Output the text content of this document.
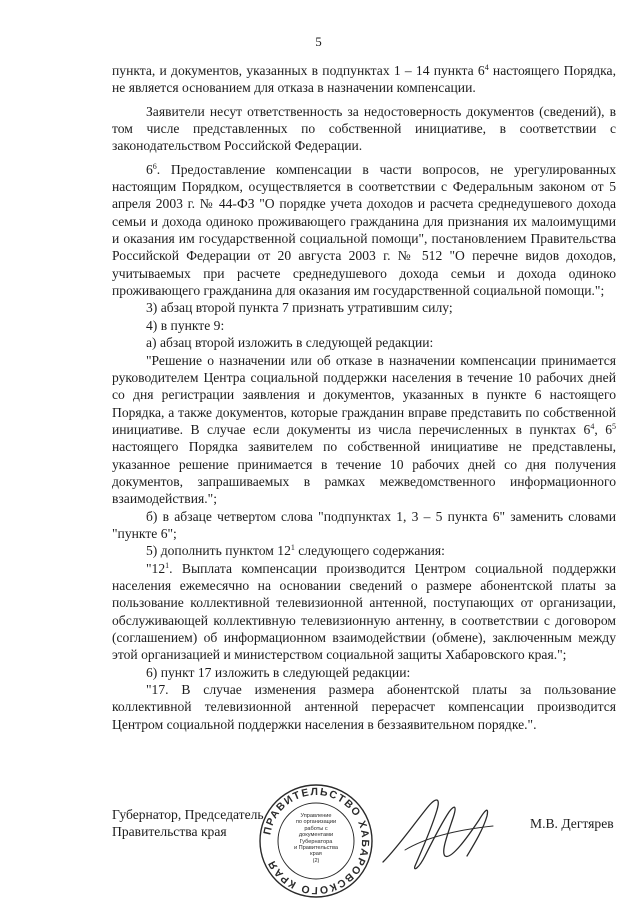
5

пункта, и документов, указанных в подпунктах 1 – 14 пункта $6^4$ настоящего Порядка, не является основанием для отказа в назначении компенсации.

Заявители несут ответственность за недостоверность документов (сведений), в том числе представленных по собственной инициативе, в соответствии с законодательством Российской Федерации.

$6^6$. Предоставление компенсации в части вопросов, не урегулированных настоящим Порядком, осуществляется в соответствии с Федеральным законом от 5 апреля 2003 г. № 44-ФЗ "О порядке учета доходов и расчета среднедушевого дохода семьи и дохода одиноко проживающего гражданина для признания их малоимущими и оказания им государственной социальной помощи", постановлением Правительства Российской Федерации от 20 августа 2003 г. № 512 "О перечне видов доходов, учитываемых при расчете среднедушевого дохода семьи и дохода одиноко проживающего гражданина для оказания им государственной социальной помощи.";

3) абзац второй пункта 7 признать утратившим силу;

4) в пункте 9:

а) абзац второй изложить в следующей редакции:

"Решение о назначении или об отказе в назначении компенсации принимается руководителем Центра социальной поддержки населения в течение 10 рабочих дней со дня регистрации заявления и документов, указанных в пункте 6 настоящего Порядка, а также документов, которые гражданин вправе представить по собственной инициативе. В случае если документы из числа перечисленных в пунктах $6^4$, $6^5$ настоящего Порядка заявителем по собственной инициативе не представлены, указанное решение принимается в течение 10 рабочих дней со дня получения документов, запрашиваемых в рамках межведомственного информационного взаимодействия.";

б) в абзаце четвертом слова "подпунктах 1, 3 – 5 пункта 6" заменить словами "пункте 6";

5) дополнить пунктом $12^1$ следующего содержания:

"$12^1$. Выплата компенсации производится Центром социальной поддержки населения ежемесячно на основании сведений о размере абонентской платы за пользование коллективной телевизионной антенной, поступающих от организации, обслуживающей коллективную телевизионную антенну, в соответствии с договором (соглашением) об информационном взаимодействии (обмене), заключенным между этой организацией и министерством социальной защиты Хабаровского края.";

6) пункт 17 изложить в следующей редакции:

"17. В случае изменения размера абонентской платы за пользование коллективной телевизионной антенной перерасчет компенсации производится Центром социальной поддержки населения в беззаявительном порядке.".

Губернатор, Председатель
Правительства края
М.В. Дегтярев
ПРАВИТЕЛЬСТВО ХАБАРОВСКОГО КРАЯ
Управление
по организации
работы с документами
Губернатора
и Правительства
края
(2)
